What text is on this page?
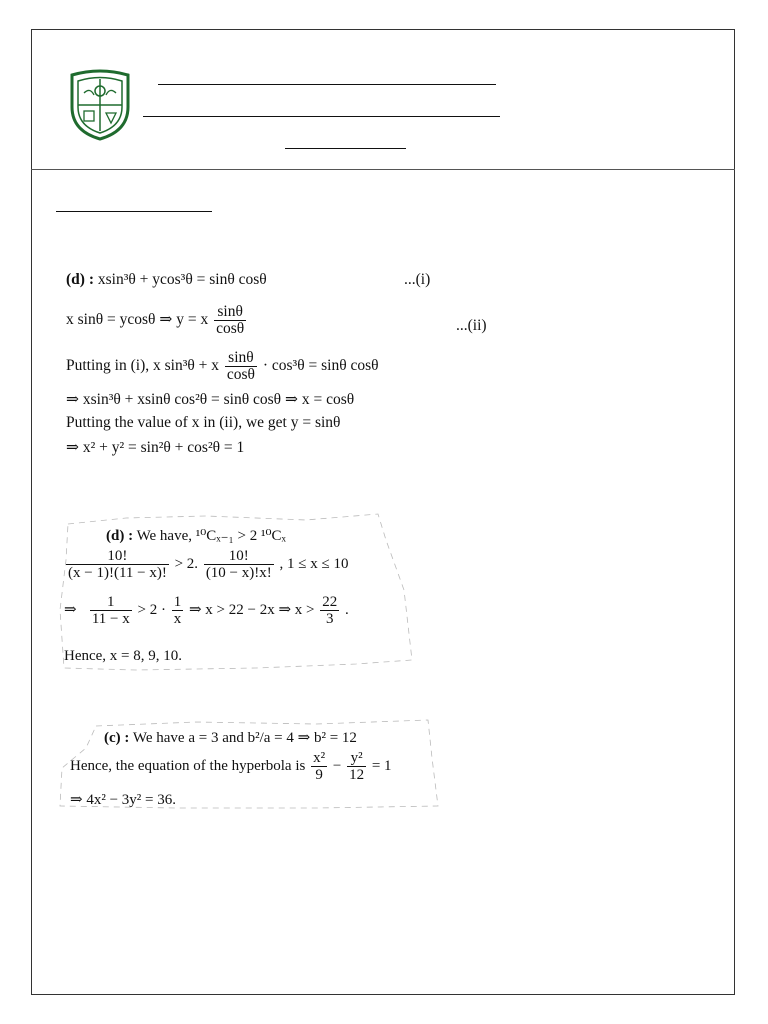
(d) : xsin³θ + ycos³θ = sinθ cosθ	...(i)
x sinθ = ycosθ ⇒ y = x $\frac{\sin\theta}{\cos\theta}$	...(ii)
Putting in (i), x sin³θ + x $\frac{\sin\theta}{\cos\theta} \cdot \cos^3\theta = \sin\theta$ cosθ
⇒ xsin³θ + xsinθ cos²θ = sinθ cosθ ⇒ x = cosθ
Putting the value of x in (ii), we get y = sinθ
⇒ x² + y² = sin²θ + cos²θ = 1
(d) : We have, ¹⁰Cₓ₋₁ > 2 ¹⁰Cₓ
$\frac{10!}{(x - 1)!(11 - x)!} > 2$. $\frac{10!}{(10 - x)!x!}$ , 1 ≤ x ≤ 10
⇒ $\frac{1}{11 - x} > 2 \cdot \frac{1}{x}$ ⇒ x > 22 − 2x ⇒ $x > \frac{22}{3}$ .
Hence, x = 8, 9, 10.
(c) : We have a = 3 and b²/a = 4 ⇒ b² = 12
Hence, the equation of the hyperbola is $\frac{\text{x²}}{9} - \frac{\text{y²}}{12} = 1$
⇒ 4x² − 3y² = 36.
